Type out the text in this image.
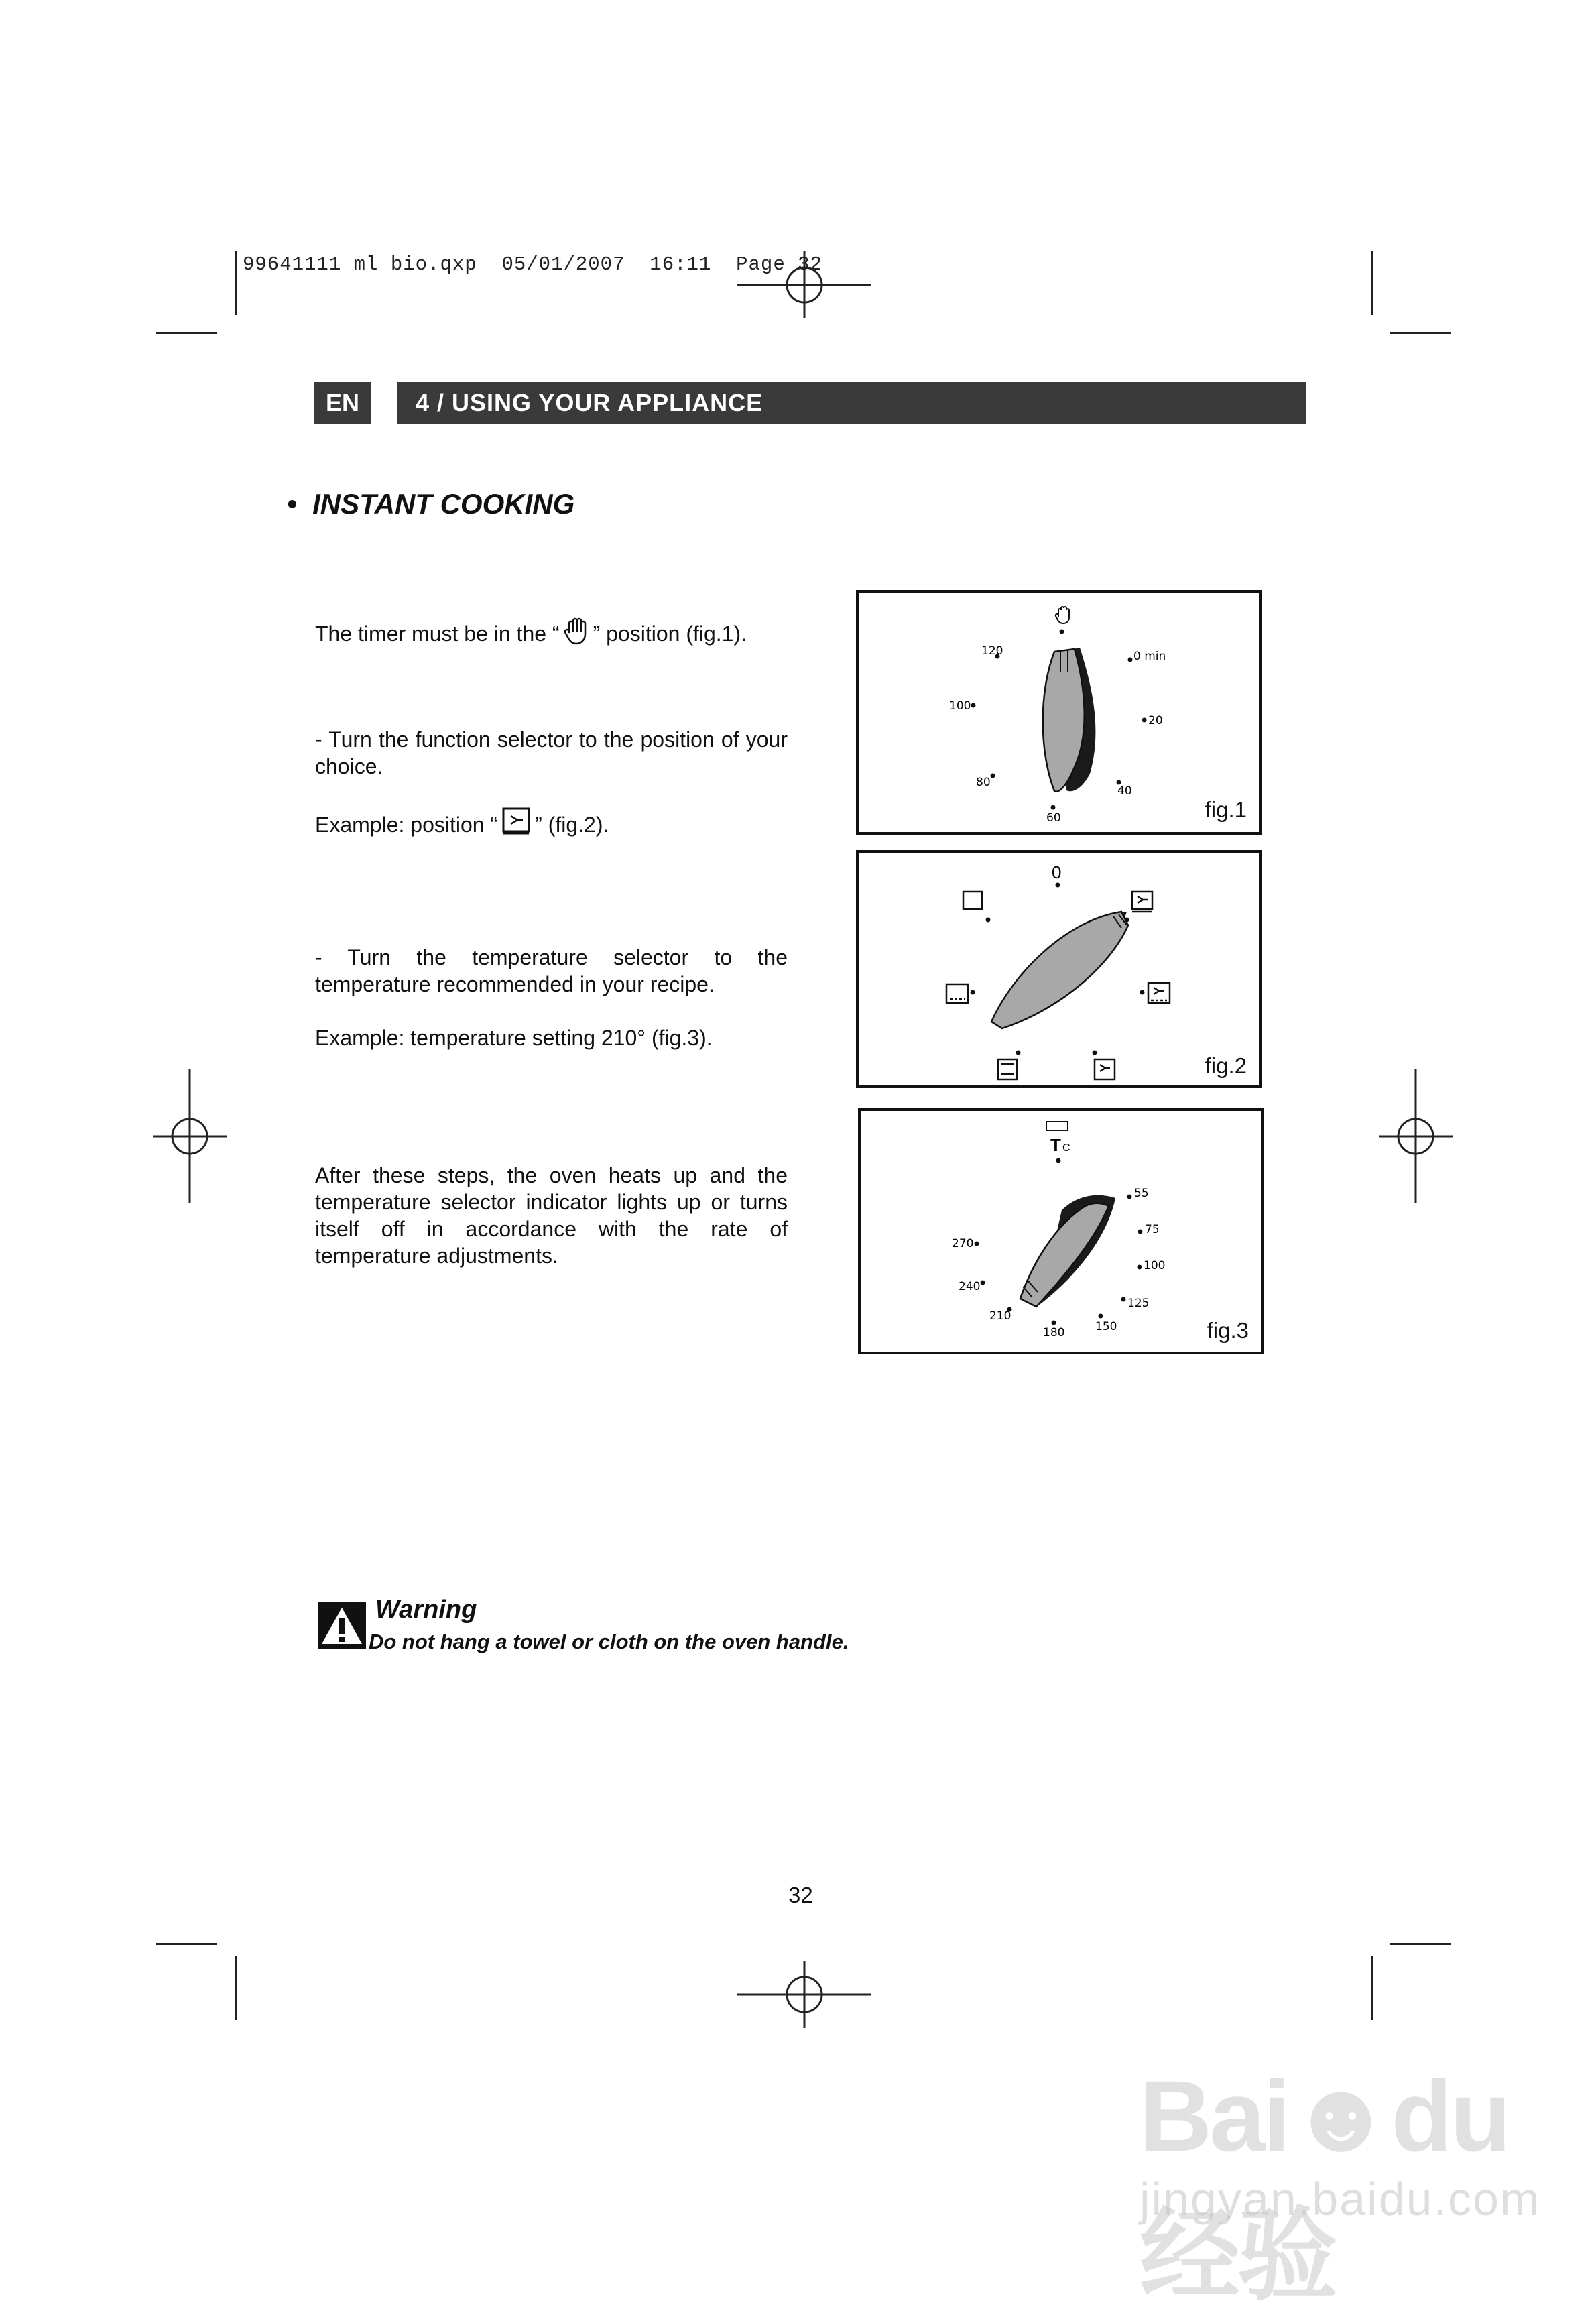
99641111 ml bio.qxp  05/01/2007  16:11  Page 32
EN	4 / USING YOUR APPLIANCE
• INSTANT COOKING
The timer must be in the “ ” position (fig.1).
- Turn the function selector to the position of your choice.
Example: position “ ” (fig.2).
- Turn the temperature selector to the temperature recommended in your recipe.
Example: temperature setting 210° (fig.3).
After these steps, the oven heats up and the temperature selector indicator lights up or turns itself off in accordance with the rate of temperature adjustments.
120	0 min
100
20
80
40
60	fig.1
0
fig.2
T C
55
75
270
100
240
125
210
150
180	fig.3
Warning
Do not hang a towel or cloth on the oven handle.
32
Bai☻du 经验
jingyan.baidu.com
